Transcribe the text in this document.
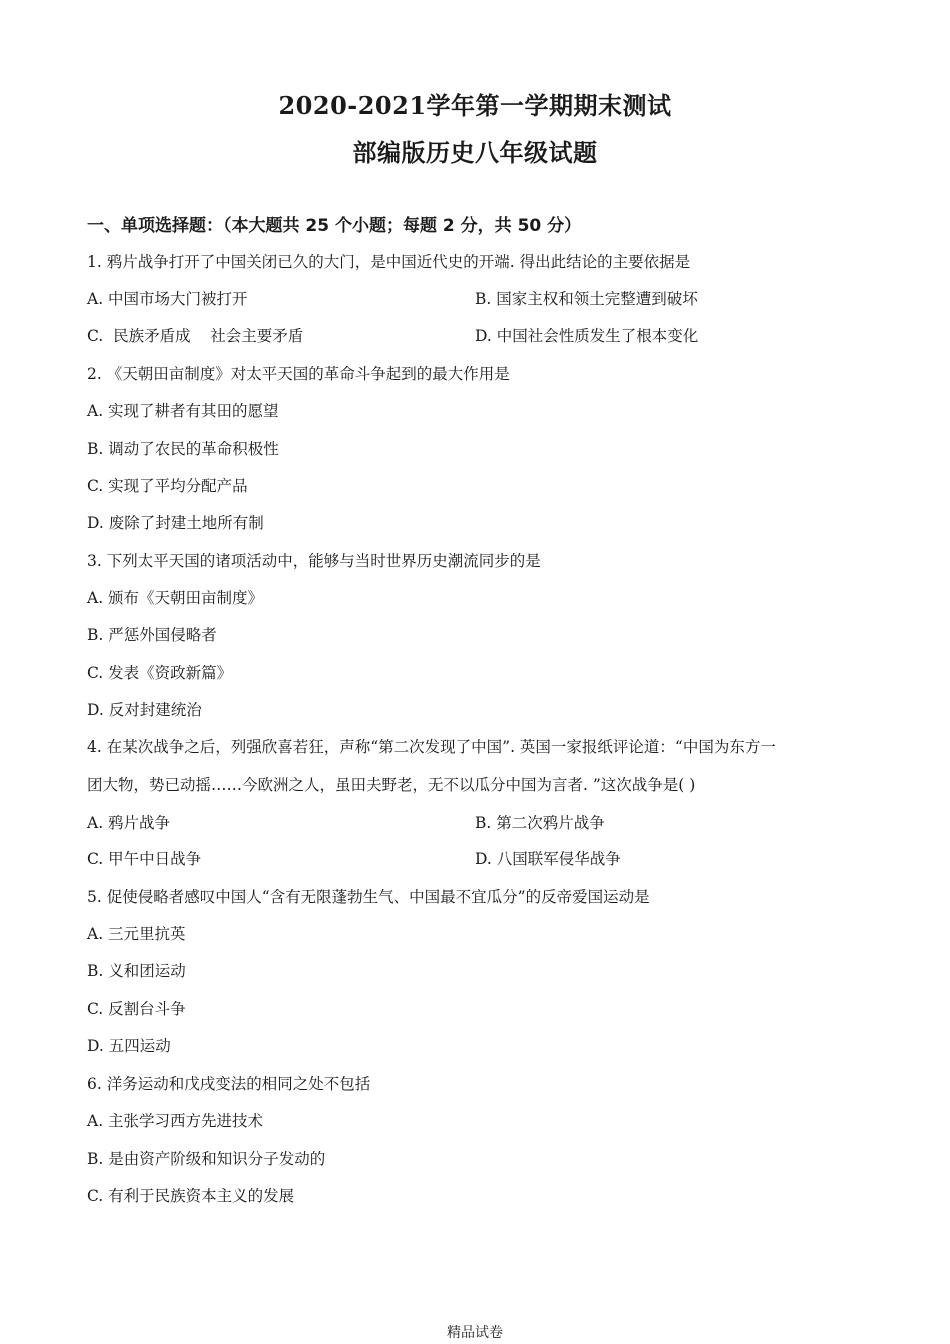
2020-2021学年第一学期期末测试
部编版历史八年级试题
一、单项选择题：（本大题共 25 个小题；每题 2 分，共 50 分）
1. 鸦片战争打开了中国关闭已久的大门，是中国近代史的开端. 得出此结论的主要依据是
A. 中国市场大门被打开	B. 国家主权和领土完整遭到破坏
C.  民族矛盾成    社会主要矛盾	D. 中国社会性质发生了根本变化
2. 《天朝田亩制度》对太平天国的革命斗争起到的最大作用是
A. 实现了耕者有其田的愿望
B. 调动了农民的革命积极性
C. 实现了平均分配产品
D. 废除了封建土地所有制
3. 下列太平天国的诸项活动中，能够与当时世界历史潮流同步的是
A. 颁布《天朝田亩制度》
B. 严惩外国侵略者
C. 发表《资政新篇》
D. 反对封建统治
4. 在某次战争之后，列强欣喜若狂，声称“第二次发现了中国”. 英国一家报纸评论道：“中国为东方一
团大物，势已动摇……今欧洲之人，虽田夫野老，无不以瓜分中国为言者. ”这次战争是( )
A. 鸦片战争	B. 第二次鸦片战争
C. 甲午中日战争	D. 八国联军侵华战争
5. 促使侵略者感叹中国人“含有无限蓬勃生气、中国最不宜瓜分”的反帝爱国运动是
A. 三元里抗英
B. 义和团运动
C. 反割台斗争
D. 五四运动
6. 洋务运动和戊戌变法的相同之处不包括
A. 主张学习西方先进技术
B. 是由资产阶级和知识分子发动的
C. 有利于民族资本主义的发展
精品试卷
